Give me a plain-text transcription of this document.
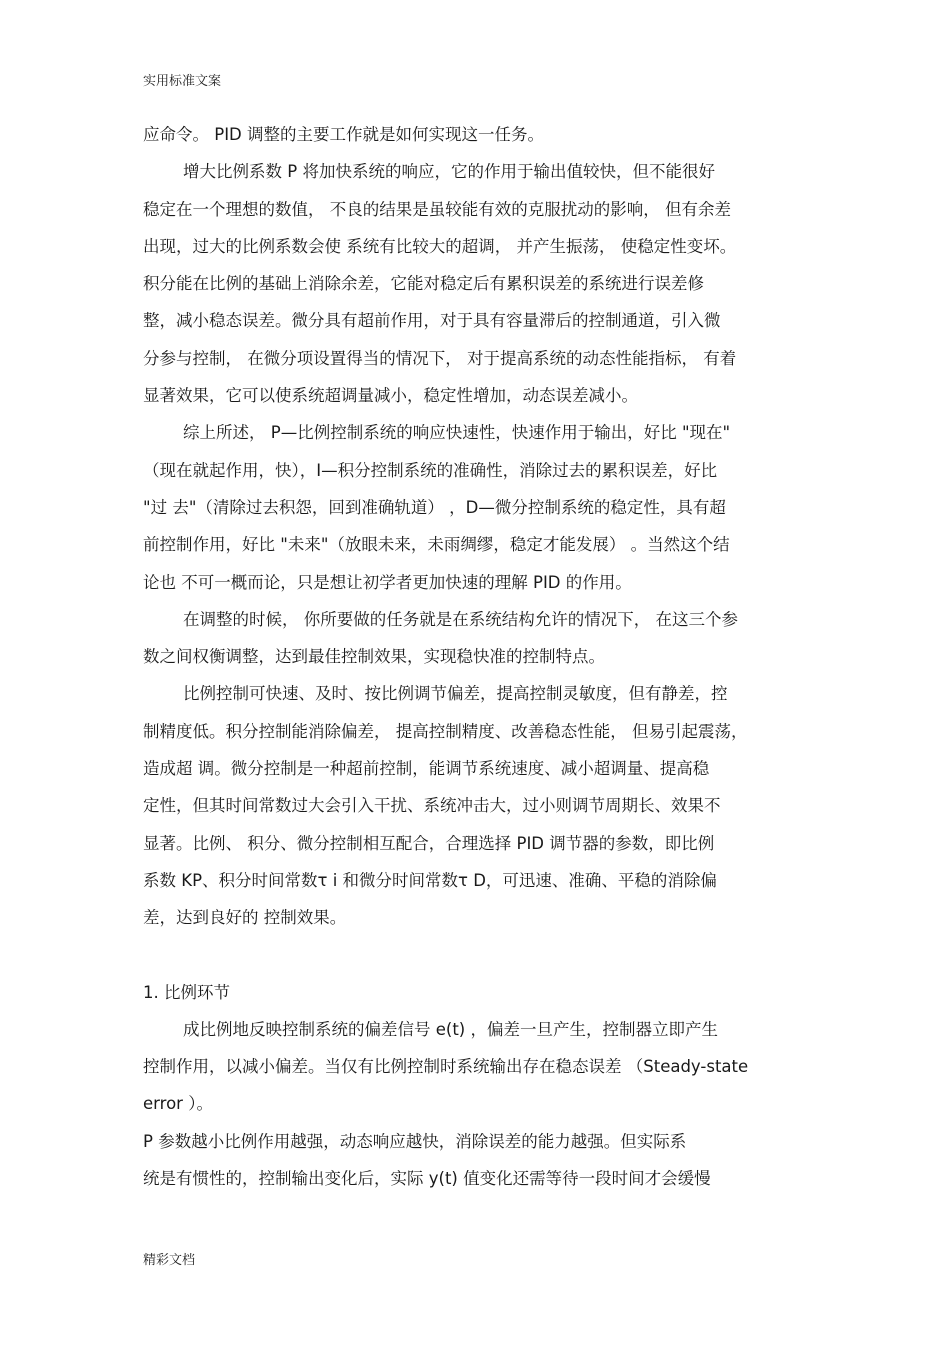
实用标准文案
应命令。 PID 调整的主要工作就是如何实现这一任务。
增大比例系数 P 将加快系统的响应，它的作用于输出值较快，但不能很好
稳定在一个理想的数值， 不良的结果是虽较能有效的克服扰动的影响， 但有余差
出现，过大的比例系数会使 系统有比较大的超调， 并产生振荡， 使稳定性变坏。
积分能在比例的基础上消除余差，它能对稳定后有累积误差的系统进行误差修
整，减小稳态误差。微分具有超前作用，对于具有容量滞后的控制通道，引入微
分参与控制， 在微分项设置得当的情况下， 对于提高系统的动态性能指标， 有着
显著效果，它可以使系统超调量减小，稳定性增加，动态误差减小。
综上所述， P—比例控制系统的响应快速性，快速作用于输出，好比 "现在"
（现在就起作用，快），I—积分控制系统的准确性，消除过去的累积误差，好比
"过 去"（清除过去积怨，回到准确轨道） ，D—微分控制系统的稳定性，具有超
前控制作用，好比 "未来"（放眼未来，未雨绸缪，稳定才能发展） 。当然这个结
论也 不可一概而论，只是想让初学者更加快速的理解 PID 的作用。
在调整的时候， 你所要做的任务就是在系统结构允许的情况下， 在这三个参
数之间权衡调整，达到最佳控制效果，实现稳快准的控制特点。
比例控制可快速、及时、按比例调节偏差，提高控制灵敏度，但有静差，控
制精度低。积分控制能消除偏差， 提高控制精度、改善稳态性能， 但易引起震荡，
造成超 调。微分控制是一种超前控制，能调节系统速度、减小超调量、提高稳
定性，但其时间常数过大会引入干扰、系统冲击大，过小则调节周期长、效果不
显著。比例、 积分、微分控制相互配合，合理选择 PID 调节器的参数，即比例
系数 KP、积分时间常数τ i 和微分时间常数τ D，可迅速、准确、平稳的消除偏
差，达到良好的 控制效果。
1. 比例环节
成比例地反映控制系统的偏差信号 e(t) ，偏差一旦产生，控制器立即产生
控制作用，以减小偏差。当仅有比例控制时系统输出存在稳态误差 （Steady-state
error ）。
P 参数越小比例作用越强，动态响应越快，消除误差的能力越强。但实际系
统是有惯性的，控制输出变化后，实际 y(t) 值变化还需等待一段时间才会缓慢
精彩文档
